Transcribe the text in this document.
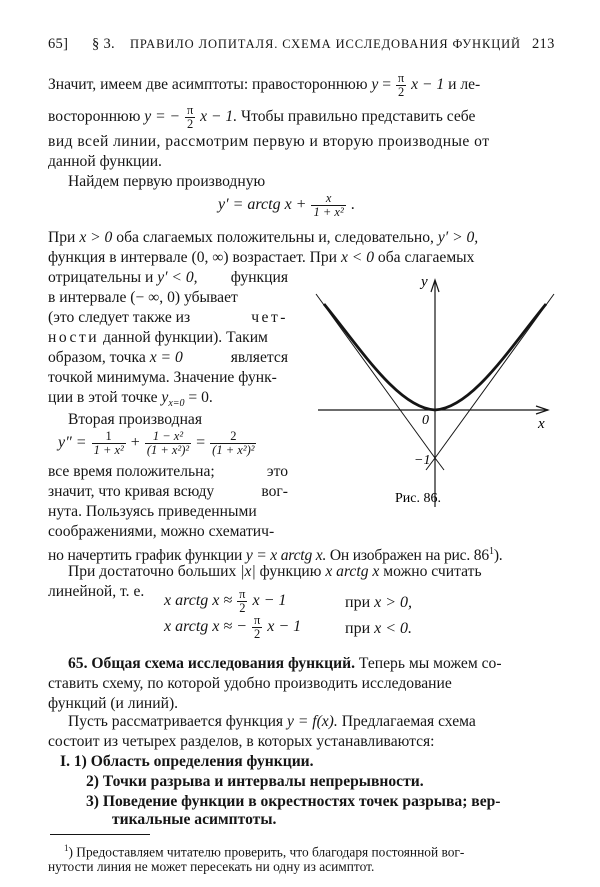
65] § 3. ПРАВИЛО ЛОПИТАЛЯ. СХЕМА ИССЛЕДОВАНИЯ ФУНКЦИЙ 213
Значит, имеем две асимптоты: правостороннюю $y = \frac{\pi}{2}$ x − 1 и ле-
востороннюю y = − $\frac{\pi}{2}$ x − 1. Чтобы правильно представить себе
вид всей линии, рассмотрим первую и вторую производные от
данной функции.
Найдем первую производную
y′ = arctg $x + \frac{x}{\text{1 + x²}}$ .
При x > 0 оба слагаемых положительны и, следовательно, y′ > 0,
функция в интервале (0, ∞) возрастает. При x < 0 оба слагаемых
отрицательны и y′ < 0, функция
в интервале (− ∞, 0) убывает
(это следует также из	чет-
ности данной функции). Таким
образом, точка x = 0	является
точкой минимума. Значение функ-
ции в этой точке $y_{x=0} = 0$.
Вторая производная
$y'' = \frac{1}{\text{1 + x²}} + \frac{\text{1 − x²}}{\text{(1 + x²)²}} = \frac{2}{\text{(1 + x²)²}}$
все время положительна;	это
значит, что кривая всюду	вог-
нута. Пользуясь приведенными
соображениями, можно схематич-
но начертить график функции y = x arctg x. Он изображен на рис. $86^1$).
При достаточно больших |x| функцию x arctg x можно считать
линейной, т. е.
x arctg $x \approx \frac{\pi}{2}$ x − 1	при x > 0,
x arctg x ≈ − $\frac{\pi}{2}$ x − 1	при x < 0.
65. Общая схема исследования функций. Теперь мы можем со-
ставить схему, по которой удобно производить исследование
функций (и линий).
Пусть рассматривается функция y = f(x). Предлагаемая схема
состоит из четырех разделов, в которых устанавливаются:
I. 1) Область определения функции.
2) Точки разрыва и интервалы непрерывности.
3) Поведение функции в окрестностях точек разрыва; вер-
тикальные асимптоты.
$^1$) Предоставляем читателю проверить, что благодаря постоянной вог-
нутости линия не может пересекать ни одну из асимптот.
y
x
0
−1
Рис. 86.
